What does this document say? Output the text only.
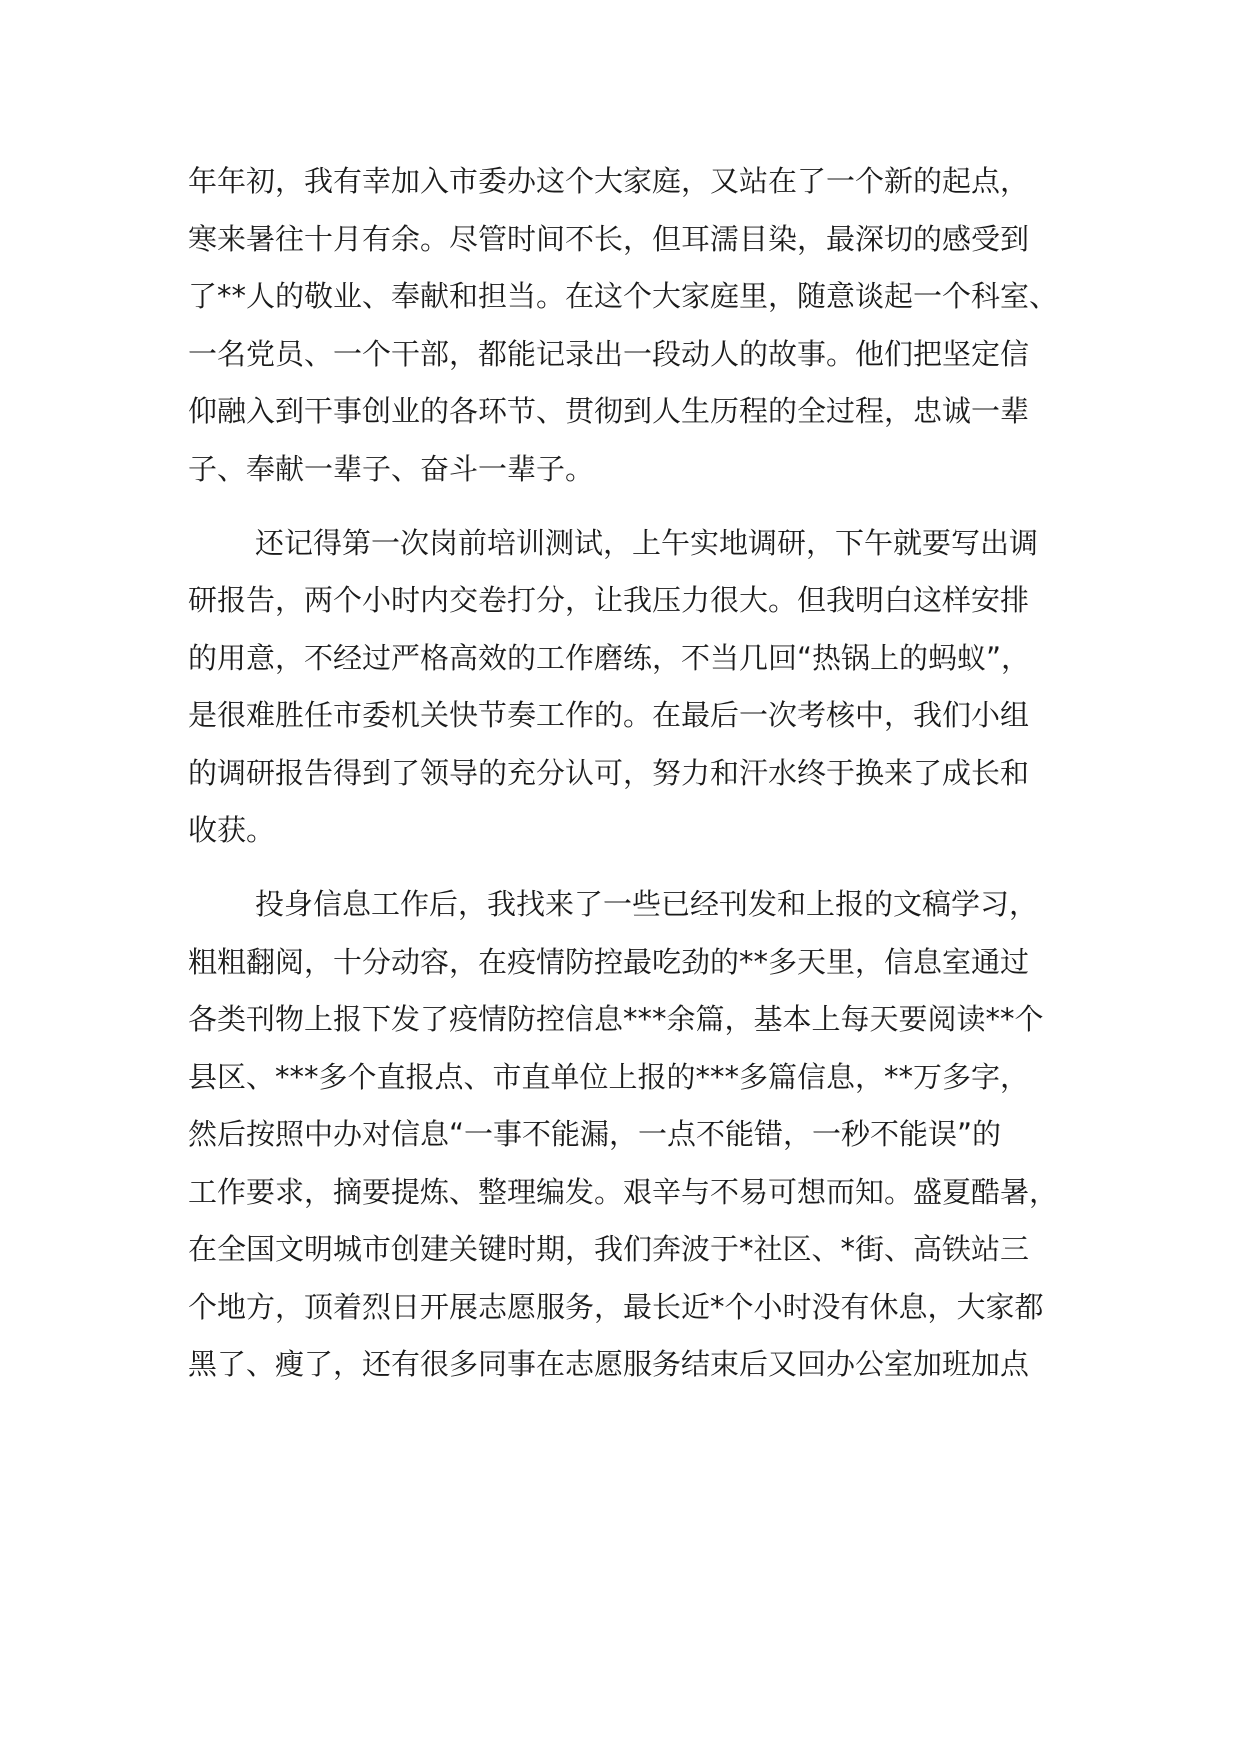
年年初，我有幸加入市委办这个大家庭，又站在了一个新的起点，
寒来暑往十月有余。尽管时间不长，但耳濡目染，最深切的感受到
了**人的敬业、奉献和担当。在这个大家庭里，随意谈起一个科室、
一名党员、一个干部，都能记录出一段动人的故事。他们把坚定信
仰融入到干事创业的各环节、贯彻到人生历程的全过程，忠诚一辈
子、奉献一辈子、奋斗一辈子。
还记得第一次岗前培训测试，上午实地调研，下午就要写出调
研报告，两个小时内交卷打分，让我压力很大。但我明白这样安排
的用意，不经过严格高效的工作磨练，不当几回“热锅上的蚂蚁”，
是很难胜任市委机关快节奏工作的。在最后一次考核中，我们小组
的调研报告得到了领导的充分认可，努力和汗水终于换来了成长和
收获。
投身信息工作后，我找来了一些已经刊发和上报的文稿学习，
粗粗翻阅，十分动容，在疫情防控最吃劲的**多天里，信息室通过
各类刊物上报下发了疫情防控信息***余篇，基本上每天要阅读**个
县区、***多个直报点、市直单位上报的***多篇信息，**万多字，
然后按照中办对信息“一事不能漏，一点不能错，一秒不能误”的
工作要求，摘要提炼、整理编发。艰辛与不易可想而知。盛夏酷暑，
在全国文明城市创建关键时期，我们奔波于*社区、*街、高铁站三
个地方，顶着烈日开展志愿服务，最长近*个小时没有休息，大家都
黑了、瘦了，还有很多同事在志愿服务结束后又回办公室加班加点
